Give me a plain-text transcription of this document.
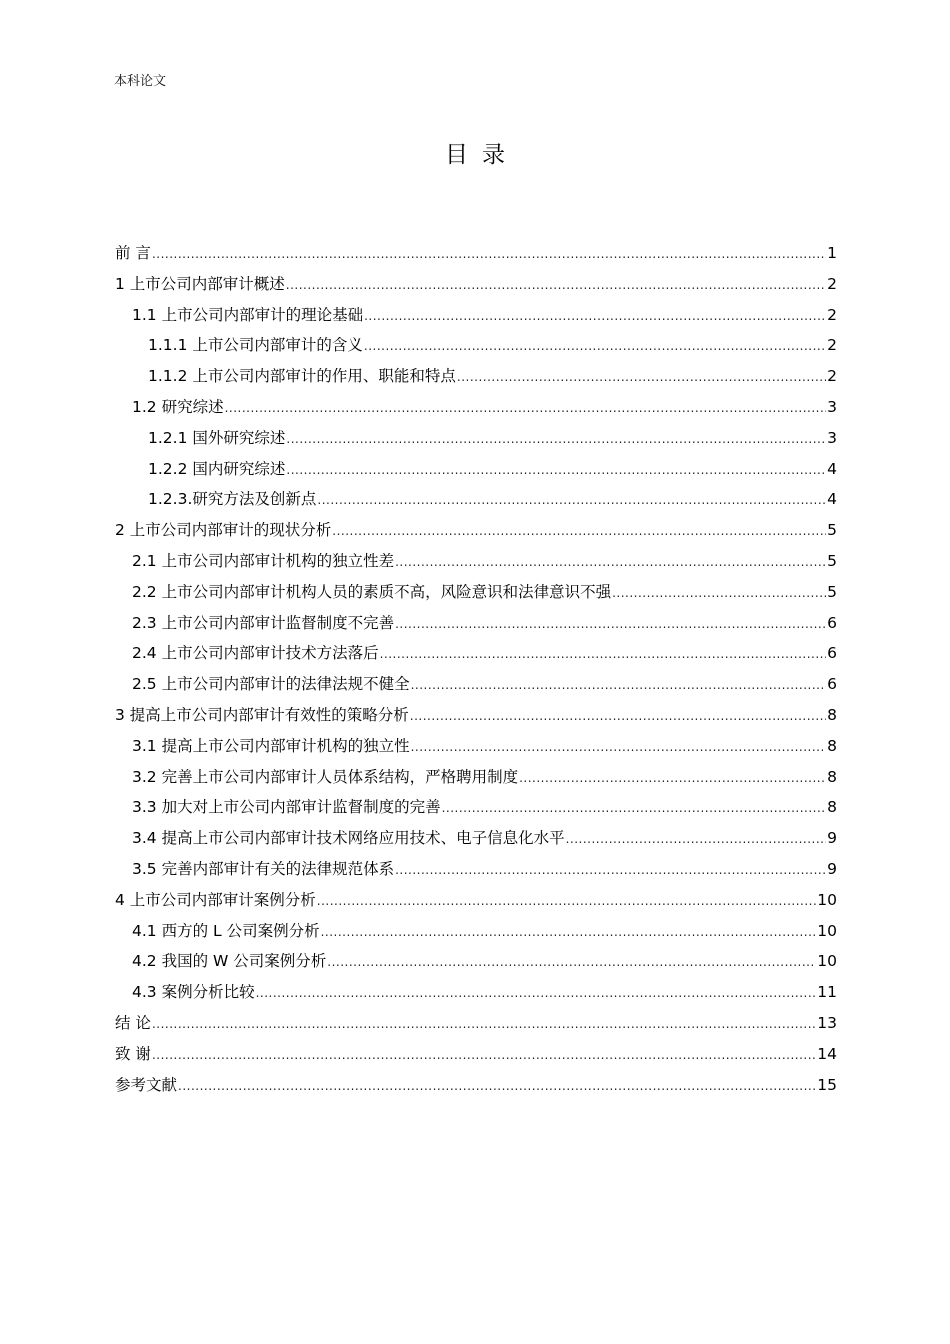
本科论文
目录
前 言 .....	1
1 上市公司内部审计概述 .....	2
1.1 上市公司内部审计的理论基础 .....	2
1.1.1 上市公司内部审计的含义 .....	2
1.1.2 上市公司内部审计的作用、职能和特点 .....	2
1.2 研究综述 .....	3
1.2.1 国外研究综述 .....	3
1.2.2 国内研究综述 .....	4
1.2.3.研究方法及创新点 .....	4
2 上市公司内部审计的现状分析 .....	5
2.1 上市公司内部审计机构的独立性差 .....	5
2.2 上市公司内部审计机构人员的素质不高，风险意识和法律意识不强 .....	5
2.3 上市公司内部审计监督制度不完善 .....	6
2.4 上市公司内部审计技术方法落后 .....	6
2.5 上市公司内部审计的法律法规不健全 .....	6
3 提高上市公司内部审计有效性的策略分析 .....	8
3.1 提高上市公司内部审计机构的独立性 .....	8
3.2 完善上市公司内部审计人员体系结构，严格聘用制度 .....	8
3.3 加大对上市公司内部审计监督制度的完善 .....	8
3.4 提高上市公司内部审计技术网络应用技术、电子信息化水平 .....	9
3.5 完善内部审计有关的法律规范体系 .....	9
4 上市公司内部审计案例分析 .....	10
4.1 西方的 L 公司案例分析 .....	10
4.2 我国的 W 公司案例分析 .....	10
4.3 案例分析比较 .....	11
结 论 .....	13
致 谢 .....	14
参考文献 .....	15
